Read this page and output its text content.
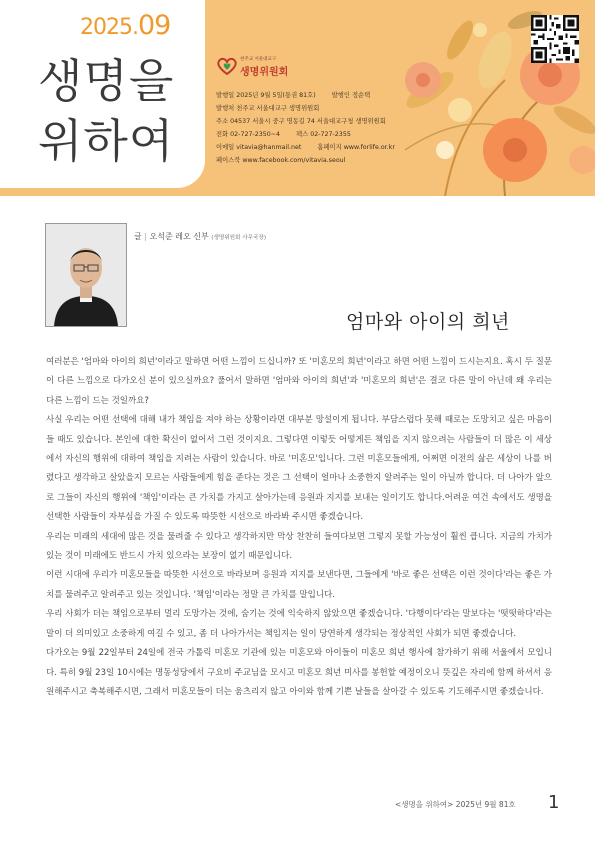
2025.09
생명을
위하여
천주교 서울대교구
생명위원회
발행일 2025년 9월 5일(통권 81호)	발행인 정순택
발행처 천주교 서울대교구 생명위원회
주소 04537 서울시 중구 명동길 74 서울대교구청 생명위원회
전화 02-727-2350~4	팩스 02-727-2355
이메일 vitavia@hanmail.net	홈페이지 www.forlife.or.kr
페이스북 www.facebook.com/vitavia.seoul
글 | 오석준 레오 신부 (생명위원회 사무국장)
엄마와 아이의 희년

여러분은 '엄마와 아이의 희년'이라고 말하면 어떤 느낌이 드십니까? 또 '미혼모의 희년'이라고 하면 어떤 느낌이 드시는지요. 혹시 두 질문이 다른 느낌으로 다가오신 분이 있으실까요? 풀어서 말하면 '엄마와 아이의 희년'과 '미혼모의 희년'은 결코 다른 말이 아닌데 왜 우리는 다른 느낌이 드는 것일까요?

사실 우리는 어떤 선택에 대해 내가 책임을 져야 하는 상황이라면 대부분 망설이게 됩니다. 부담스럽다 못해 때로는 도망치고 싶은 마음이 들 때도 있습니다. 본인에 대한 확신이 없어서 그런 것이지요. 그렇다면 이렇듯 어떻게든 책임을 지지 않으려는 사람들이 더 많은 이 세상에서 자신의 행위에 대하여 책임을 지려는 사람이 있습니다. 바로 '미혼모'입니다. 그런 미혼모들에게, 어쩌면 이전의 삶은 세상이 나를 버렸다고 생각하고 살았을지 모르는 사람들에게 힘을 준다는 것은 그 선택이 얼마나 소중한지 알려주는 일이 아닐까 합니다. 더 나아가 앞으로 그들이 자신의 행위에 '책임'이라는 큰 가치를 가지고 살아가는데 응원과 지지를 보내는 일이기도 합니다.어려운 여건 속에서도 생명을 선택한 사람들이 자부심을 가질 수 있도록 따뜻한 시선으로 바라봐 주시면 좋겠습니다.

우리는 미래의 세대에 많은 것을 물려줄 수 있다고 생각하지만 막상 찬찬히 들여다보면 그렇지 못할 가능성이 훨씬 큽니다. 지금의 가치가 있는 것이 미래에도 반드시 가치 있으라는 보장이 없기 때문입니다.

이런 시대에 우리가 미혼모들을 따뜻한 시선으로 바라보며 응원과 지지를 보낸다면, 그들에게 '바로 좋은 선택은 이런 것이다'라는 좋은 가치를 물려주고 알려주고 있는 것입니다. '책임'이라는 정말 큰 가치를 말입니다.

우리 사회가 더는 책임으로부터 멀리 도망가는 것에, 숨기는 것에 익숙하지 않았으면 좋겠습니다. '다행이다'라는 말보다는 '떳떳하다'라는 말이 더 의미있고 소중하게 여길 수 있고, 좀 더 나아가서는 책임지는 일이 당연하게 생각되는 정상적인 사회가 되면 좋겠습니다.

다가오는 9월 22일부터 24일에 전국 가톨릭 미혼모 기관에 있는 미혼모와 아이들이 미혼모 희년 행사에 참가하기 위해 서울에서 모입니다. 특히 9월 23일 10시에는 명동성당에서 구요비 주교님을 모시고 미혼모 희년 미사를 봉헌할 예정이오니 뜻깊은 자리에 함께 하셔서 응원해주시고 축복해주시면, 그래서 미혼모들이 더는 움츠리지 않고 아이와 함께 기쁜 날들을 살아갈 수 있도록 기도해주시면 좋겠습니다.

<생명을 위하여> 2025년 9월 81호 1
